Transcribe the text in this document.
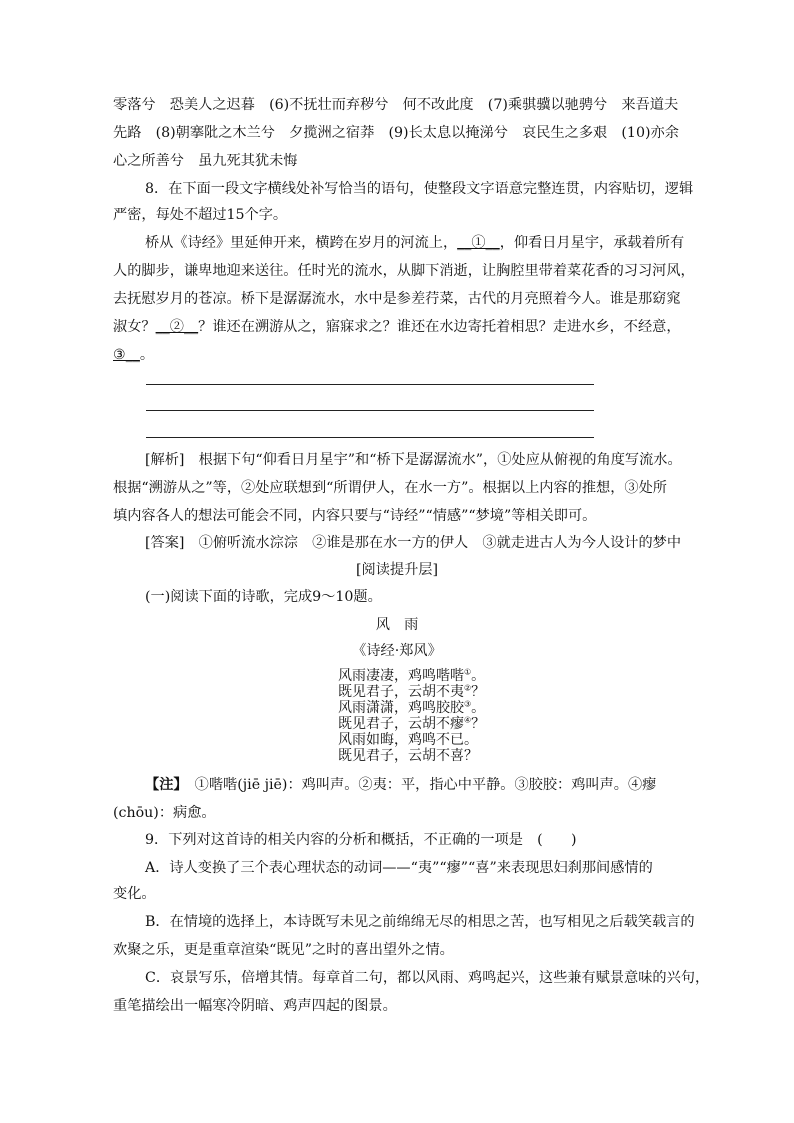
零落兮　恐美人之迟暮　(6)不抚壮而弃秽兮　何不改此度　(7)乘骐骥以驰骋兮　来吾道夫
先路　(8)朝搴阰之木兰兮　夕揽洲之宿莽　(9)长太息以掩涕兮　哀民生之多艰　(10)亦余
心之所善兮　虽九死其犹未悔
8．在下面一段文字横线处补写恰当的语句，使整段文字语意完整连贯，内容贴切，逻辑
严密，每处不超过15个字。
桥从《诗经》里延伸开来，横跨在岁月的河流上，__①__，仰看日月星宇，承载着所有
人的脚步，谦卑地迎来送往。任时光的流水，从脚下消逝，让胸腔里带着菜花香的习习河风，
去抚慰岁月的苍凉。桥下是潺潺流水，水中是参差荇菜，古代的月亮照着今人。谁是那窈窕
淑女？__②__？谁还在溯游从之，寤寐求之？谁还在水边寄托着相思？走进水乡，不经意，
③__。
[解析]　根据下句“仰看日月星宇”和“桥下是潺潺流水”，①处应从俯视的角度写流水。
根据“溯游从之”等，②处应联想到“所谓伊人，在水一方”。根据以上内容的推想，③处所
填内容各人的想法可能会不同，内容只要与“诗经”“情感”“梦境”等相关即可。
[答案]　①俯听流水淙淙　②谁是那在水一方的伊人　③就走进古人为今人设计的梦中
[阅读提升层]
(一)阅读下面的诗歌，完成9～10题。
风　雨
《诗经·郑风》
风雨凄凄，鸡鸣喈喈①。
既见君子，云胡不夷②？
风雨潇潇，鸡鸣胶胶③。
既见君子，云胡不瘳④？
风雨如晦，鸡鸣不已。
既见君子，云胡不喜？
【注】　①喈喈(jiē jiē)：鸡叫声。②夷：平，指心中平静。③胶胶：鸡叫声。④瘳
(chōu)：病愈。
9．下列对这首诗的相关内容的分析和概括，不正确的一项是　(　　)
A．诗人变换了三个表心理状态的动词——“夷”“瘳”“喜”来表现思妇刹那间感情的
变化。
B．在情境的选择上，本诗既写未见之前绵绵无尽的相思之苦，也写相见之后载笑载言的
欢聚之乐，更是重章渲染“既见”之时的喜出望外之情。
C．哀景写乐，倍增其情。每章首二句，都以风雨、鸡鸣起兴，这些兼有赋景意味的兴句，
重笔描绘出一幅寒冷阴暗、鸡声四起的图景。
